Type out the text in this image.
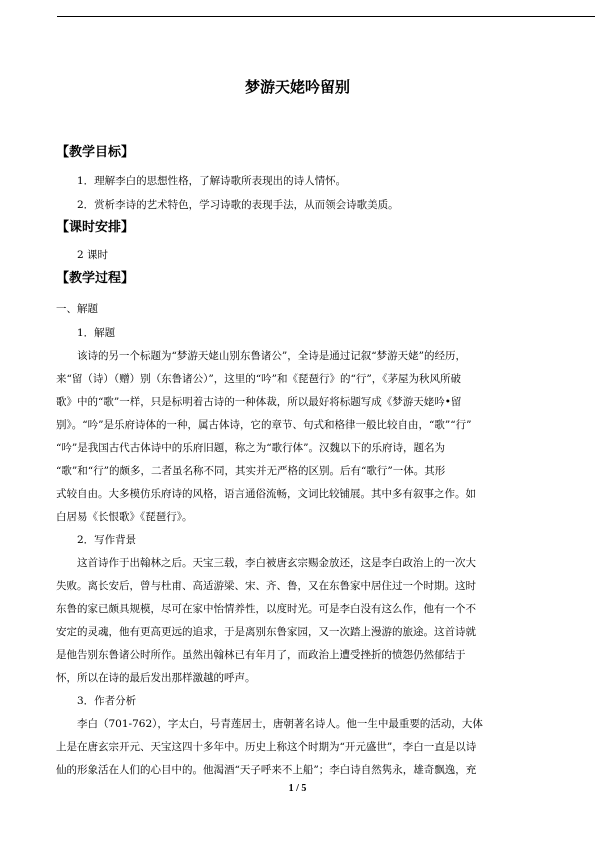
梦游天姥吟留别
【教学目标】
1．理解李白的思想性格，了解诗歌所表现出的诗人情怀。
2．赏析李诗的艺术特色，学习诗歌的表现手法，从而领会诗歌美质。
【课时安排】
2 课时
【教学过程】
一、解题
1．解题
该诗的另一个标题为“梦游天姥山别东鲁诸公”，全诗是通过记叙“梦游天姥”的经历，
来“留（诗）（赠）别（东鲁诸公）”，这里的“吟”和《琵琶行》的“行”，《茅屋为秋风所破
歌》中的“歌”一样，只是标明着古诗的一种体裁，所以最好将标题写成《梦游天姥吟•留
别》。“吟”是乐府诗体的一种，属古体诗，它的章节、句式和格律一般比较自由，“歌”“行”
“吟”是我国古代古体诗中的乐府旧题，称之为“歌行体”。汉魏以下的乐府诗，题名为
“歌”和“行”的颇多，二者虽名称不同，其实并无严格的区别。后有“歌行”一体。其形
式较自由。大多模仿乐府诗的风格，语言通俗流畅，文词比较铺展。其中多有叙事之作。如
白居易《长恨歌》《琵琶行》。
2．写作背景
这首诗作于出翰林之后。天宝三载，李白被唐玄宗赐金放还，这是李白政治上的一次大
失败。离长安后，曾与杜甫、高适游梁、宋、齐、鲁，又在东鲁家中居住过一个时期。这时
东鲁的家已颇具规模，尽可在家中怡情养性，以度时光。可是李白没有这么作，他有一个不
安定的灵魂，他有更高更远的追求，于是离别东鲁家园，又一次踏上漫游的旅途。这首诗就
是他告别东鲁诸公时所作。虽然出翰林已有年月了，而政治上遭受挫折的愤怨仍然郁结于
怀，所以在诗的最后发出那样激越的呼声。
3．作者分析
李白（701-762），字太白，号青莲居士，唐朝著名诗人。他一生中最重要的活动，大体
上是在唐玄宗开元、天宝这四十多年中。历史上称这个时期为“开元盛世”，李白一直是以诗
仙的形象活在人们的心目中的。他渴酒“天子呼来不上船”；李白诗自然隽永，雄奇飘逸，充
1 / 5
